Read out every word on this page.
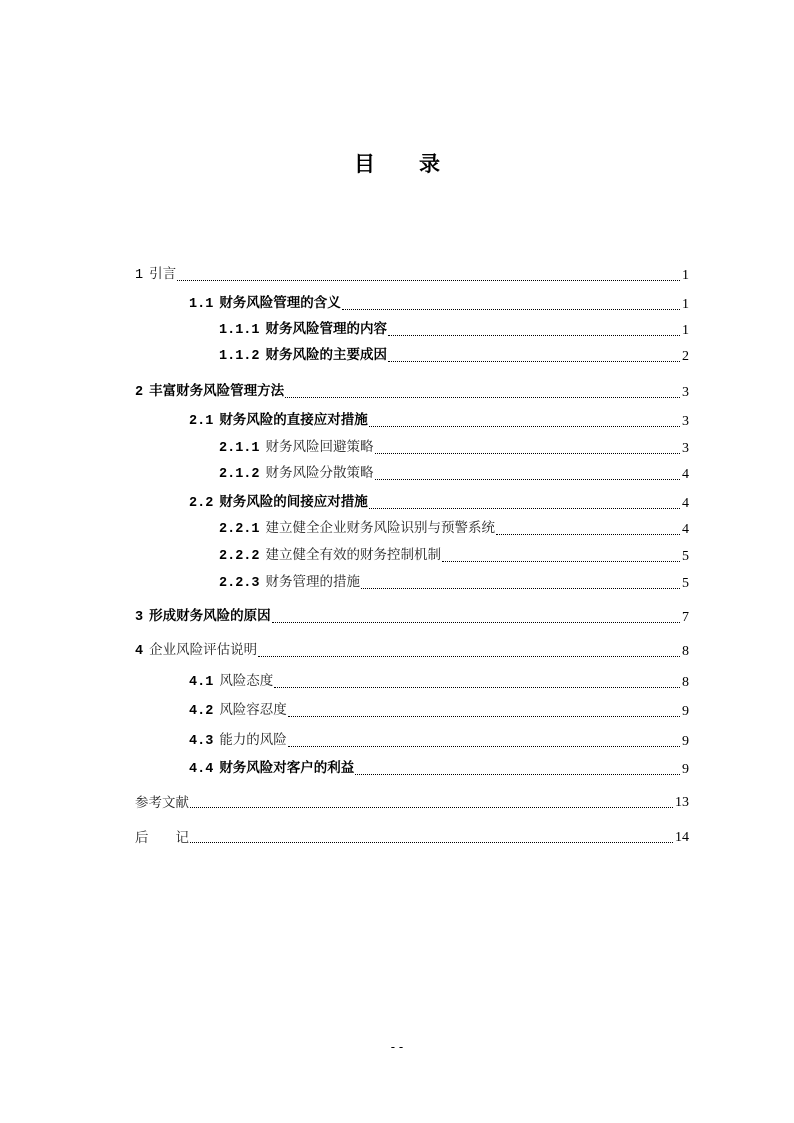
目 录
1 引言	1
1.1 财务风险管理的含义	1
1.1.1 财务风险管理的内容	1
1.1.2 财务风险的主要成因	2
2 丰富财务风险管理方法	3
2.1 财务风险的直接应对措施	3
2.1.1 财务风险回避策略	3
2.1.2 财务风险分散策略	4
2.2 财务风险的间接应对措施	4
2.2.1 建立健全企业财务风险识别与预警系统	4
2.2.2 建立健全有效的财务控制机制	5
2.2.3 财务管理的措施	5
3 形成财务风险的原因	7
4 企业风险评估说明	8
4.1 风险态度	8
4.2 风险容忍度	9
4.3 能力的风险	9
4.4 财务风险对客户的利益	9
参考文献	13
后　　记	14
- -
